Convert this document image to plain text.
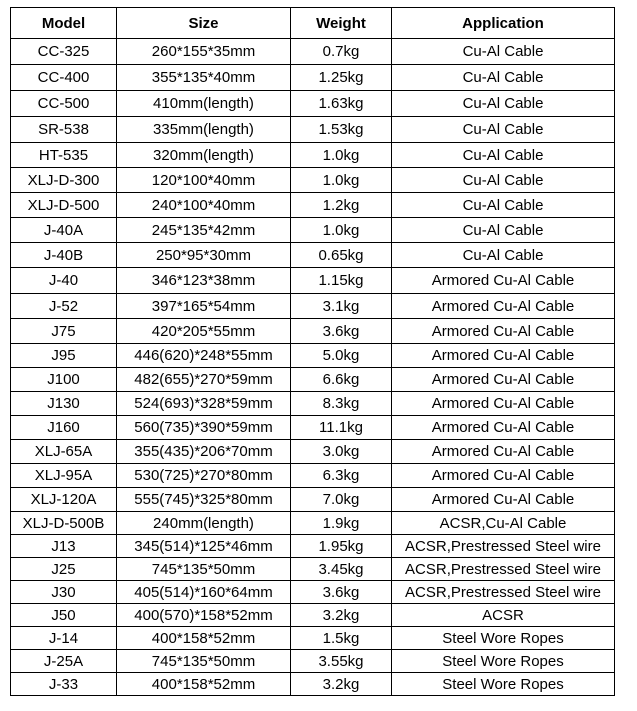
Model	Size	Weight	Application
CC-325	260*155*35mm	0.7kg	Cu-Al Cable
CC-400	355*135*40mm	1.25kg	Cu-Al Cable
CC-500	410mm(length)	1.63kg	Cu-Al Cable
SR-538	335mm(length)	1.53kg	Cu-Al Cable
HT-535	320mm(length)	1.0kg	Cu-Al Cable
XLJ-D-300	120*100*40mm	1.0kg	Cu-Al Cable
XLJ-D-500	240*100*40mm	1.2kg	Cu-Al Cable
J-40A	245*135*42mm	1.0kg	Cu-Al Cable
J-40B	250*95*30mm	0.65kg	Cu-Al Cable
J-40	346*123*38mm	1.15kg	Armored Cu-Al Cable
J-52	397*165*54mm	3.1kg	Armored Cu-Al Cable
J75	420*205*55mm	3.6kg	Armored Cu-Al Cable
J95	446(620)*248*55mm	5.0kg	Armored Cu-Al Cable
J100	482(655)*270*59mm	6.6kg	Armored Cu-Al Cable
J130	524(693)*328*59mm	8.3kg	Armored Cu-Al Cable
J160	560(735)*390*59mm	11.1kg	Armored Cu-Al Cable
XLJ-65A	355(435)*206*70mm	3.0kg	Armored Cu-Al Cable
XLJ-95A	530(725)*270*80mm	6.3kg	Armored Cu-Al Cable
XLJ-120A	555(745)*325*80mm	7.0kg	Armored Cu-Al Cable
XLJ-D-500B	240mm(length)	1.9kg	ACSR,Cu-Al Cable
J13	345(514)*125*46mm	1.95kg	ACSR,Prestressed Steel wire
J25	745*135*50mm	3.45kg	ACSR,Prestressed Steel wire
J30	405(514)*160*64mm	3.6kg	ACSR,Prestressed Steel wire
J50	400(570)*158*52mm	3.2kg	ACSR
J-14	400*158*52mm	1.5kg	Steel Wore Ropes
J-25A	745*135*50mm	3.55kg	Steel Wore Ropes
J-33	400*158*52mm	3.2kg	Steel Wore Ropes
